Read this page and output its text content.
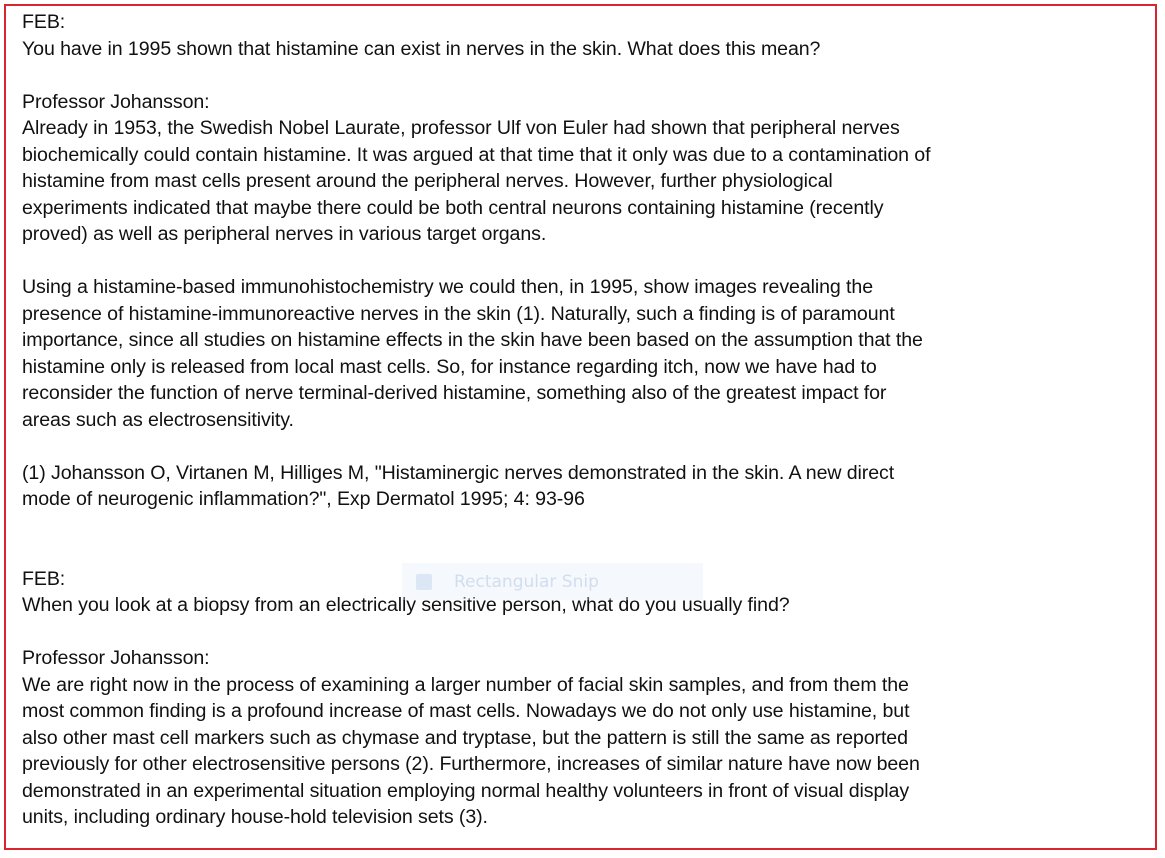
FEB:
You have in 1995 shown that histamine can exist in nerves in the skin. What does this mean?
Professor Johansson:
Already in 1953, the Swedish Nobel Laurate, professor Ulf von Euler had shown that peripheral nerves
biochemically could contain histamine. It was argued at that time that it only was due to a contamination of
histamine from mast cells present around the peripheral nerves. However, further physiological
experiments indicated that maybe there could be both central neurons containing histamine (recently
proved) as well as peripheral nerves in various target organs.
Using a histamine-based immunohistochemistry we could then, in 1995, show images revealing the
presence of histamine-immunoreactive nerves in the skin (1). Naturally, such a finding is of paramount
importance, since all studies on histamine effects in the skin have been based on the assumption that the
histamine only is released from local mast cells. So, for instance regarding itch, now we have had to
reconsider the function of nerve terminal-derived histamine, something also of the greatest impact for
areas such as electrosensitivity.
(1) Johansson O, Virtanen M, Hilliges M, "Histaminergic nerves demonstrated in the skin. A new direct
mode of neurogenic inflammation?", Exp Dermatol 1995; 4: 93-96
FEB:
When you look at a biopsy from an electrically sensitive person, what do you usually find?
Professor Johansson:
We are right now in the process of examining a larger number of facial skin samples, and from them the
most common finding is a profound increase of mast cells. Nowadays we do not only use histamine, but
also other mast cell markers such as chymase and tryptase, but the pattern is still the same as reported
previously for other electrosensitive persons (2). Furthermore, increases of similar nature have now been
demonstrated in an experimental situation employing normal healthy volunteers in front of visual display
units, including ordinary house-hold television sets (3).
Rectangular Snip
